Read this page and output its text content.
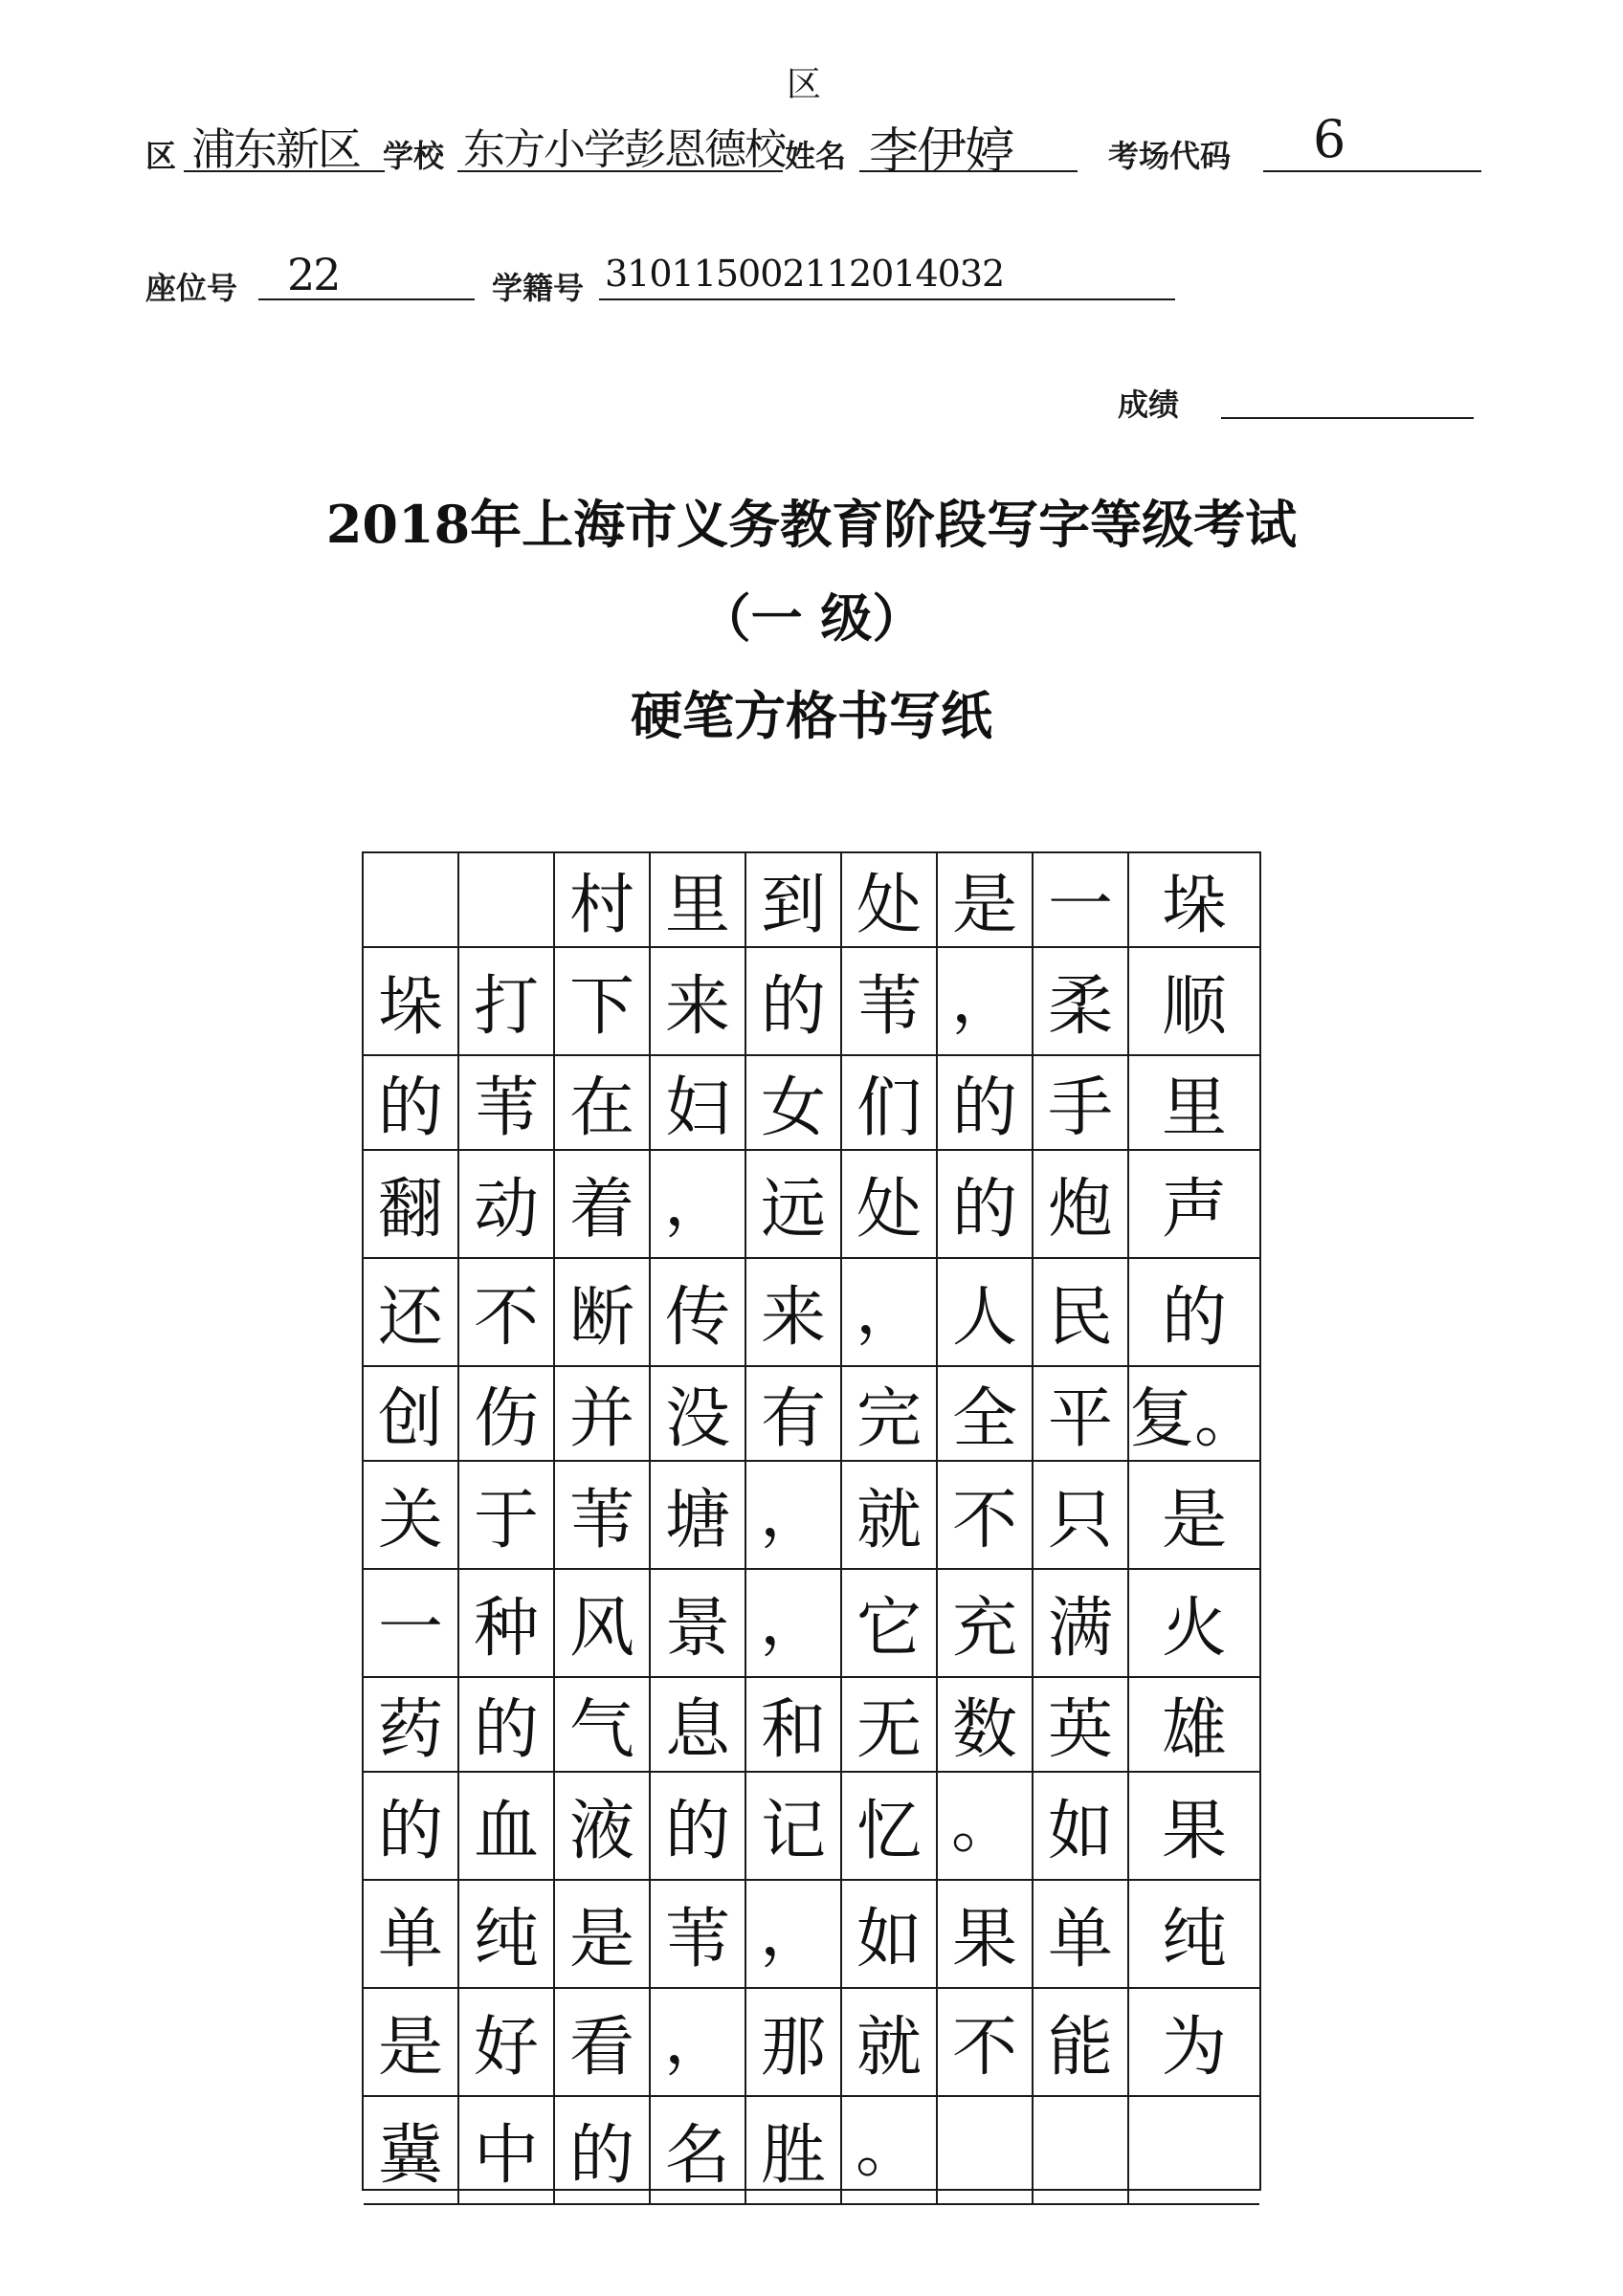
区 浦东新区 学校 东方小学彭恩德校
区
姓名 李伊婷	考场代码 6
座位号 22	学籍号 310115002112014032
成绩
2018年上海市义务教育阶段写字等级考试
（一 级）
硬笔方格书写纸
村 里 到 处 是 一 垛
垛 打 下 来 的 苇 ， 柔 顺
的 苇 在 妇 女 们 的 手 里
翻 动 着 ， 远 处 的 炮 声
还 不 断 传 来 ， 人 民 的
创 伤 并 没 有 完 全 平 复。
关 于 苇 塘 ， 就 不 只 是
一 种 风 景 ， 它 充 满 火
药 的 气 息 和 无 数 英 雄
的 血 液 的 记 忆 。 如 果
单 纯 是 苇 ， 如 果 单 纯
是 好 看 ， 那 就 不 能 为
冀 中 的 名 胜 。
